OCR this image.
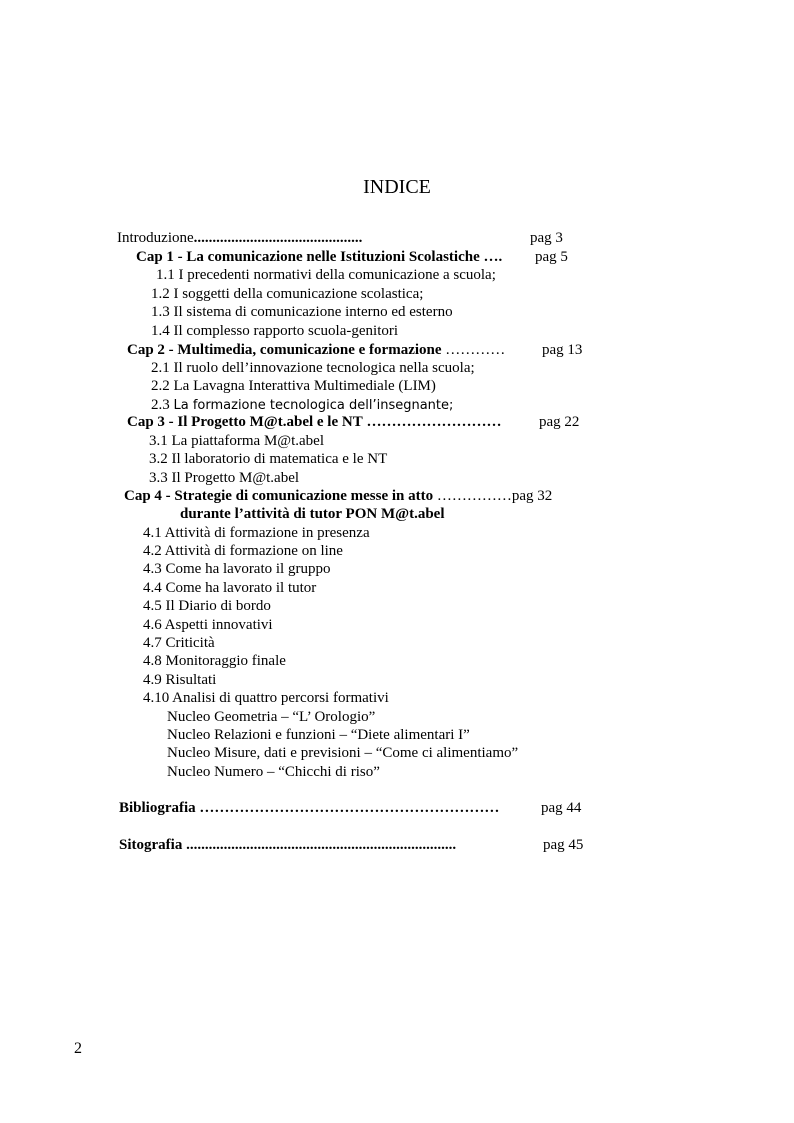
INDICE
Introduzione.............................................	pag 3
Cap 1 - La comunicazione nelle Istituzioni Scolastiche …. pag 5
1.1 I precedenti normativi della comunicazione a scuola;
1.2 I soggetti della comunicazione scolastica;
1.3 Il sistema di comunicazione interno ed esterno
1.4 Il complesso rapporto scuola-genitori
Cap 2 - Multimedia, comunicazione e formazione ………… pag 13
2.1 Il ruolo dell’innovazione tecnologica nella scuola;
2.2 La Lavagna Interattiva Multimediale (LIM)
2.3 La formazione tecnologica dell’insegnante;
Cap 3 - Il Progetto M@t.abel e le NT ………………………	pag 22
3.1 La piattaforma M@t.abel
3.2 Il laboratorio di matematica e le NT
3.3 Il Progetto M@t.abel
Cap 4 - Strategie di comunicazione messe in atto ……………pag 32
durante l’attività di tutor PON M@t.abel
4.1 Attività di formazione in presenza
4.2 Attività di formazione on line
4.3 Come ha lavorato il gruppo
4.4 Come ha lavorato il tutor
4.5 Il Diario di bordo
4.6 Aspetti innovativi
4.7 Criticità
4.8 Monitoraggio finale
4.9 Risultati
4.10 Analisi di quattro percorsi formativi
Nucleo Geometria – “L’ Orologio”
Nucleo Relazioni e funzioni – “Diete alimentari I”
Nucleo Misure, dati e previsioni – “Come ci alimentiamo”
Nucleo Numero – “Chicchi di riso”
Bibliografia ……………………………………………………	pag 44
Sitografia ........................................................................	pag 45
2
